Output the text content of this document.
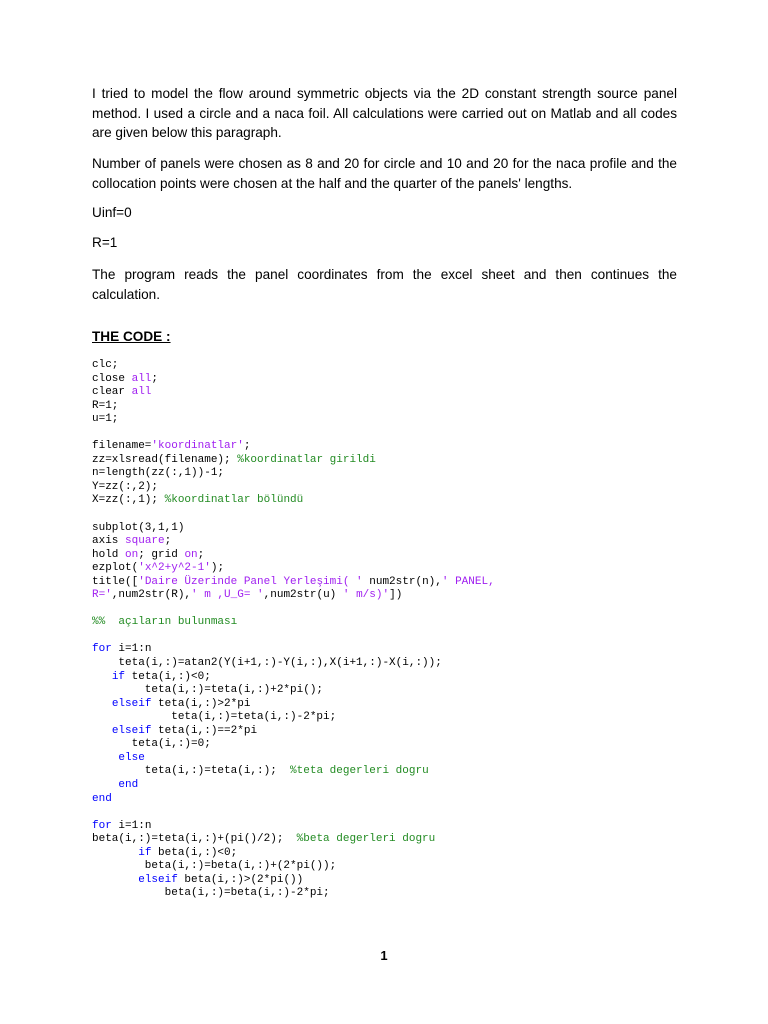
I tried to model the flow around symmetric objects via the 2D constant strength source panel method. I used a circle and a naca foil. All calculations were carried out on Matlab and all codes are given below this paragraph.

Number of panels were chosen as 8 and 20 for circle and 10 and 20 for the naca profile and the collocation points were chosen at the half and the quarter of the panels' lengths.

Uinf=0

R=1

The program reads the panel coordinates from the excel sheet and then continues the calculation.

THE CODE :
clc;
close all;
clear all
R=1;
u=1;
filename='koordinatlar';
zz=xlsread(filename); %koordinatlar girildi
n=length(zz(:,1))-1;
Y=zz(:,2);
X=zz(:,1); %koordinatlar bölündü
subplot(3,1,1)
axis square;
hold on; grid on;
ezplot('x^2+y^2-1');
title(['Daire Üzerinde Panel Yerleşimi( ' num2str(n),' PANEL,
R=',num2str(R),' m ,U_G= ',num2str(u) ' m/s)'])
%%  açıların bulunması
for i=1:n
teta(i,:)=atan2(Y(i+1,:)-Y(i,:),X(i+1,:)-X(i,:));
if teta(i,:)<0;
teta(i,:)=teta(i,:)+2*pi();
elseif teta(i,:)>2*pi
teta(i,:)=teta(i,:)-2*pi;
elseif teta(i,:)==2*pi
teta(i,:)=0;
else
teta(i,:)=teta(i,:);  %teta degerleri dogru
end
end
for i=1:n
beta(i,:)=teta(i,:)+(pi()/2);  %beta degerleri dogru
if beta(i,:)<0;
beta(i,:)=beta(i,:)+(2*pi());
elseif beta(i,:)>(2*pi())
beta(i,:)=beta(i,:)-2*pi;
1
